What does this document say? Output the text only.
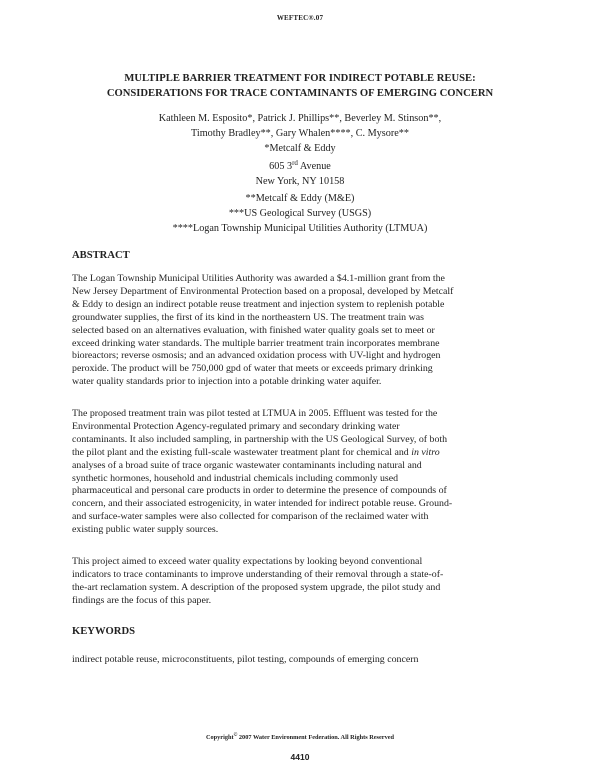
WEFTEC®.07
MULTIPLE BARRIER TREATMENT FOR INDIRECT POTABLE REUSE:
CONSIDERATIONS FOR TRACE CONTAMINANTS OF EMERGING CONCERN
Kathleen M. Esposito*, Patrick J. Phillips**, Beverley M. Stinson**,
Timothy Bradley**, Gary Whalen****, C. Mysore**
*Metcalf & Eddy
605 3rd Avenue
New York, NY 10158
**Metcalf & Eddy (M&E)
***US Geological Survey (USGS)
****Logan Township Municipal Utilities Authority (LTMUA)
ABSTRACT
The Logan Township Municipal Utilities Authority was awarded a $4.1-million grant from the
New Jersey Department of Environmental Protection based on a proposal, developed by Metcalf
& Eddy to design an indirect potable reuse treatment and injection system to replenish potable
groundwater supplies, the first of its kind in the northeastern US. The treatment train was
selected based on an alternatives evaluation, with finished water quality goals set to meet or
exceed drinking water standards. The multiple barrier treatment train incorporates membrane
bioreactors; reverse osmosis; and an advanced oxidation process with UV-light and hydrogen
peroxide. The product will be 750,000 gpd of water that meets or exceeds primary drinking
water quality standards prior to injection into a potable drinking water aquifer.
The proposed treatment train was pilot tested at LTMUA in 2005. Effluent was tested for the
Environmental Protection Agency-regulated primary and secondary drinking water
contaminants. It also included sampling, in partnership with the US Geological Survey, of both
the pilot plant and the existing full-scale wastewater treatment plant for chemical and in vitro
analyses of a broad suite of trace organic wastewater contaminants including natural and
synthetic hormones, household and industrial chemicals including commonly used
pharmaceutical and personal care products in order to determine the presence of compounds of
concern, and their associated estrogenicity, in water intended for indirect potable reuse. Ground-
and surface-water samples were also collected for comparison of the reclaimed water with
existing public water supply sources.
This project aimed to exceed water quality expectations by looking beyond conventional
indicators to trace contaminants to improve understanding of their removal through a state-of-
the-art reclamation system. A description of the proposed system upgrade, the pilot study and
findings are the focus of this paper.
KEYWORDS
indirect potable reuse, microconstituents, pilot testing, compounds of emerging concern
Copyright© 2007 Water Environment Federation. All Rights Reserved
4410
